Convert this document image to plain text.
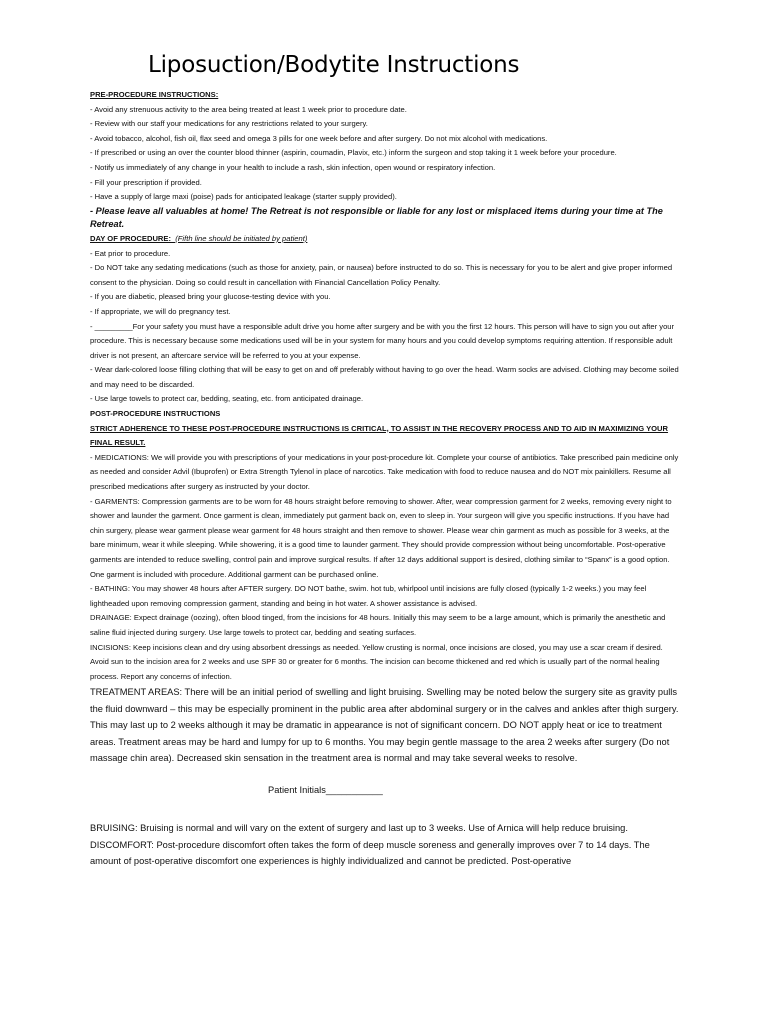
Liposuction/Bodytite Instructions

PRE-PROCEDURE INSTRUCTIONS:

- Avoid any strenuous activity to the area being treated at least 1 week prior to procedure date.

- Review with our staff your medications for any restrictions related to your surgery.

- Avoid tobacco, alcohol, fish oil, flax seed and omega 3 pills for one week before and after surgery. Do not mix alcohol with medications.

- If prescribed or using an over the counter blood thinner (aspirin, coumadin, Plavix, etc.) inform the surgeon and stop taking it 1 week before your procedure.

- Notify us immediately of any change in your health to include a rash, skin infection, open wound or respiratory infection.

- Fill your prescription if provided.

- Have a supply of large maxi (poise) pads for anticipated leakage (starter supply provided).

- Please leave all valuables at home! The Retreat is not responsible or liable for any lost or misplaced items during your time at The Retreat.

DAY OF PROCEDURE: (Fifth line should be initiated by patient)

- Eat prior to procedure.

- Do NOT take any sedating medications (such as those for anxiety, pain, or nausea) before instructed to do so. This is necessary for you to be alert and give proper informed consent to the physician. Doing so could result in cancellation with Financial Cancellation Policy Penalty.

- If you are diabetic, pleased bring your glucose-testing device with you.

- If appropriate, we will do pregnancy test.

- _________For your safety you must have a responsible adult drive you home after surgery and be with you the first 12 hours. This person will have to sign you out after your procedure. This is necessary because some medications used will be in your system for many hours and you could develop symptoms requiring attention. If responsible adult driver is not present, an aftercare service will be referred to you at your expense.

- Wear dark-colored loose filling clothing that will be easy to get on and off preferably without having to go over the head. Warm socks are advised. Clothing may become soiled and may need to be discarded.

- Use large towels to protect car, bedding, seating, etc. from anticipated drainage.

POST-PROCEDURE INSTRUCTIONS

STRICT ADHERENCE TO THESE POST-PROCEDURE INSTRUCTIONS IS CRITICAL, TO ASSIST IN THE RECOVERY PROCESS AND TO AID IN MAXIMIZING YOUR FINAL RESULT.

- MEDICATIONS: We will provide you with prescriptions of your medications in your post-procedure kit. Complete your course of antibiotics. Take prescribed pain medicine only as needed and consider Advil (Ibuprofen) or Extra Strength Tylenol in place of narcotics. Take medication with food to reduce nausea and do NOT mix painkillers. Resume all prescribed medications after surgery as instructed by your doctor.

- GARMENTS: Compression garments are to be worn for 48 hours straight before removing to shower. After, wear compression garment for 2 weeks, removing every night to shower and launder the garment. Once garment is clean, immediately put garment back on, even to sleep in. Your surgeon will give you specific instructions. If you have had chin surgery, please wear garment please wear garment for 48 hours straight and then remove to shower. Please wear chin garment as much as possible for 3 weeks, at the bare minimum, wear it while sleeping. While showering, it is a good time to launder garment. They should provide compression without being uncomfortable. Post-operative garments are intended to reduce swelling, control pain and improve surgical results. If after 12 days additional support is desired, clothing similar to “Spanx” is a good option. One garment is included with procedure. Additional garment can be purchased online.

- BATHING: You may shower 48 hours after AFTER surgery. DO NOT bathe, swim. hot tub, whirlpool until incisions are fully closed (typically 1-2 weeks.) you may feel lightheaded upon removing compression garment, standing and being in hot water. A shower assistance is advised.

DRAINAGE: Expect drainage (oozing), often blood tinged, from the incisions for 48 hours. Initially this may seem to be a large amount, which is primarily the anesthetic and saline fluid injected during surgery. Use large towels to protect car, bedding and seating surfaces.

INCISIONS: Keep incisions clean and dry using absorbent dressings as needed. Yellow crusting is normal, once incisions are closed, you may use a scar cream if desired. Avoid sun to the incision area for 2 weeks and use SPF 30 or greater for 6 months. The incision can become thickened and red which is usually part of the normal healing process. Report any concerns of infection.

TREATMENT AREAS: There will be an initial period of swelling and light bruising. Swelling may be noted below the surgery site as gravity pulls the fluid downward – this may be especially prominent in the public area after abdominal surgery or in the calves and ankles after thigh surgery. This may last up to 2 weeks although it may be dramatic in appearance is not of significant concern. DO NOT apply heat or ice to treatment areas. Treatment areas may be hard and lumpy for up to 6 months. You may begin gentle massage to the area 2 weeks after surgery (Do not massage chin area). Decreased skin sensation in the treatment area is normal and may take several weeks to resolve.

Patient Initials___________

BRUISING: Bruising is normal and will vary on the extent of surgery and last up to 3 weeks. Use of Arnica will help reduce bruising.

DISCOMFORT: Post-procedure discomfort often takes the form of deep muscle soreness and generally improves over 7 to 14 days. The amount of post-operative discomfort one experiences is highly individualized and cannot be predicted. Post-operative
